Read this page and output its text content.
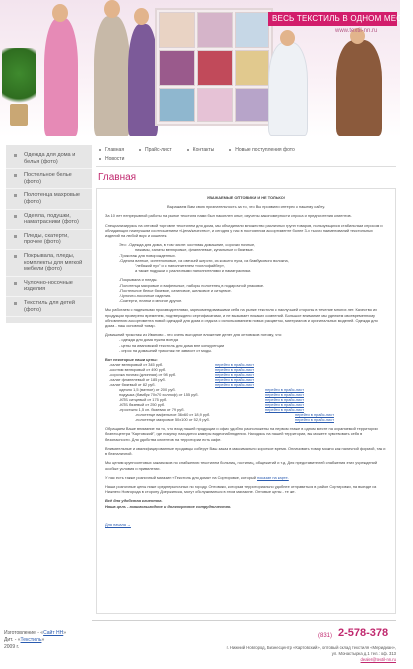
ВЕСЬ ТЕКСТИЛЬ В ОДНОМ МЕСТЕ
www.textil-nn.ru
Одежда для дома и белья (фото)
Постельное белье (фото)
Полотенца махровые (фото)
Одеяла, подушки, наматрасники (фото)
Пледы, скатерти, прочее (фото)
Покрывала, пледы, комплекты для мягкой мебели (фото)
Чулочно-носочные изделия
Текстиль для детей (фото)
Изготовление - «Сайт НН»
Дит. - «Текстиль»
2009 г.
Главная	Прайс-лист	Контакты	Новые поступления фото
Новости
Главная
УВАЖАЕМЫЕ ОПТОВИКИ И НЕ ТОЛЬКО!
Выражаем Вам свою признательность за то, что Вы проявили интерес к нашему сайту.
За 10 лет непрерывной работы на рынке текстиля нами был накоплен опыт, изучены закономерности спроса и предпочтения клиентов.
Специализируясь на оптовой торговле текстилем для дома, мы объединили множество различных групп товаров, пользующихся стабильным спросом и обладающих наилучшим соотношением «Цена/качество», и сегодня у нас в постоянном ассортименте более 3-х тысяч наименований текстильных изделий на любой вкус и кошелек.
Это: -Одежда для дома, в том числе: костюмы домашние, сорочки ночные,
пижамы, халаты велюровые, фланелевые, купальные и бязевые.
-Трикотаж для новорожденных.
-Одеяла ватные, синтепоновые, из овечьей шерсти, из козьего пуха, из бамбукового волокна,
"лебяжий пух" и с наполнителем «холлофайбер»,
а также подушки с различными наполнителями и наматрасники.
-Покрывала и пледы.
-Полотенца махровые и вафельные, наборы полотенец в подарочной упаковке.
-Постельное белье бязевое, сатиновое, шелковое и ситцевое.
-Чулочно-носочные изделия.
-Скатерти, платки и многое другое.
Мы работаем с надежными производителями, зарекомендовавшими себя на рынке текстиля с наилучшей стороны в течение многих лет. Качество их продукции проверено временем, подтверждено сертификатами, и не вызывает никаких сомнений. Большое внимание мы уделяем своевременному обновлению ассортимента новой одеждой для дома и отдыха с использованием новых расцветок, материалов и оригинальных моделей. Одежда для дома - наш основной товар.
Домашний трикотаж из Иваново - это очень выгодное вложение денег для оптовиков потому, что:
- одежда для дома нужна всегда
- цены на ивановский текстиль для дома вне конкуренции
- спрос на домашний трикотаж не зависит от моды.
Вот некоторые наши цены:
-халат велюровый от 345 руб.	перейти в прайс-лист
-костюм велюровый от 490 руб.	перейти в прайс-лист
-сорочка ночная (длинная) от 98 руб.	перейти в прайс-лист
-халат фланелевый от 185 руб.	перейти в прайс-лист
-халат бязевый от 82 руб.	перейти в прайс-лист
одеяло 1,5 (ватное) от 200 руб.	перейти в прайс-лист
подушка (бамбук 70х70 холлоф) от 155 руб.	перейти в прайс-лист
-КПБ ситцевый от 175 руб.	перейти в прайс-лист
-КПБ бязевый от 250 руб.	перейти в прайс-лист
-простыня 1,5 сп. бязевая от 79 руб.	перейти в прайс-лист
-полотенце вафельное 36х60 от 18,9 руб.	перейти в прайс-лист
-полотенце махровое 50х100 от 52,9 руб.	перейти в прайс-лист
Обращаем Ваше внимание на то, что вход нашей продукции и офис удобно расположены на первом этаже в одном месте на охраняемой территории бизнесцентра "Картовский", где покупку находится камеры видеонаблюдения. Находясь на нашей территории, вы можете чувствовать себя в безопасности. Для удобства клиентов на территории есть кафе.
Внимательные и квалифицированные продавцы соберут Ваш заказ в максимально короткое время. Оплачивать товар можно как наличной формой, так и в безналичной.
Мы ценим крупнооптовых заказчиков по снабжению текстилем больниц, гостиниц, общежитий и т.д. Для представителей снабжения этих учреждений особые условия и привилегии.
У нас есть также розничный магазин «Текстиль для дома» на Сортировке, который показан на карте.
Наши розничные цены ниже среднерыночных по городу. Оптовики, которым территориально удобнее отправиться в район Сортировки, на выезде из Нижнего Новгорода в сторону Дзержинска, могут обслуживаться в этом магазине. Оптовые цены - те же.
Всё для удобства клиентов.
Наша цель - взаимовыгодное и долгосрочное сотрудничество.
Для начала →
(831) 2-578-378
г. Нижний Новгород, Бизнесцентр «Картовский», оптовый склад текстиля «Меридиан»,
ул. Монастырка д.1 тел.: оф. 313
dealer@textil-nn.ru
